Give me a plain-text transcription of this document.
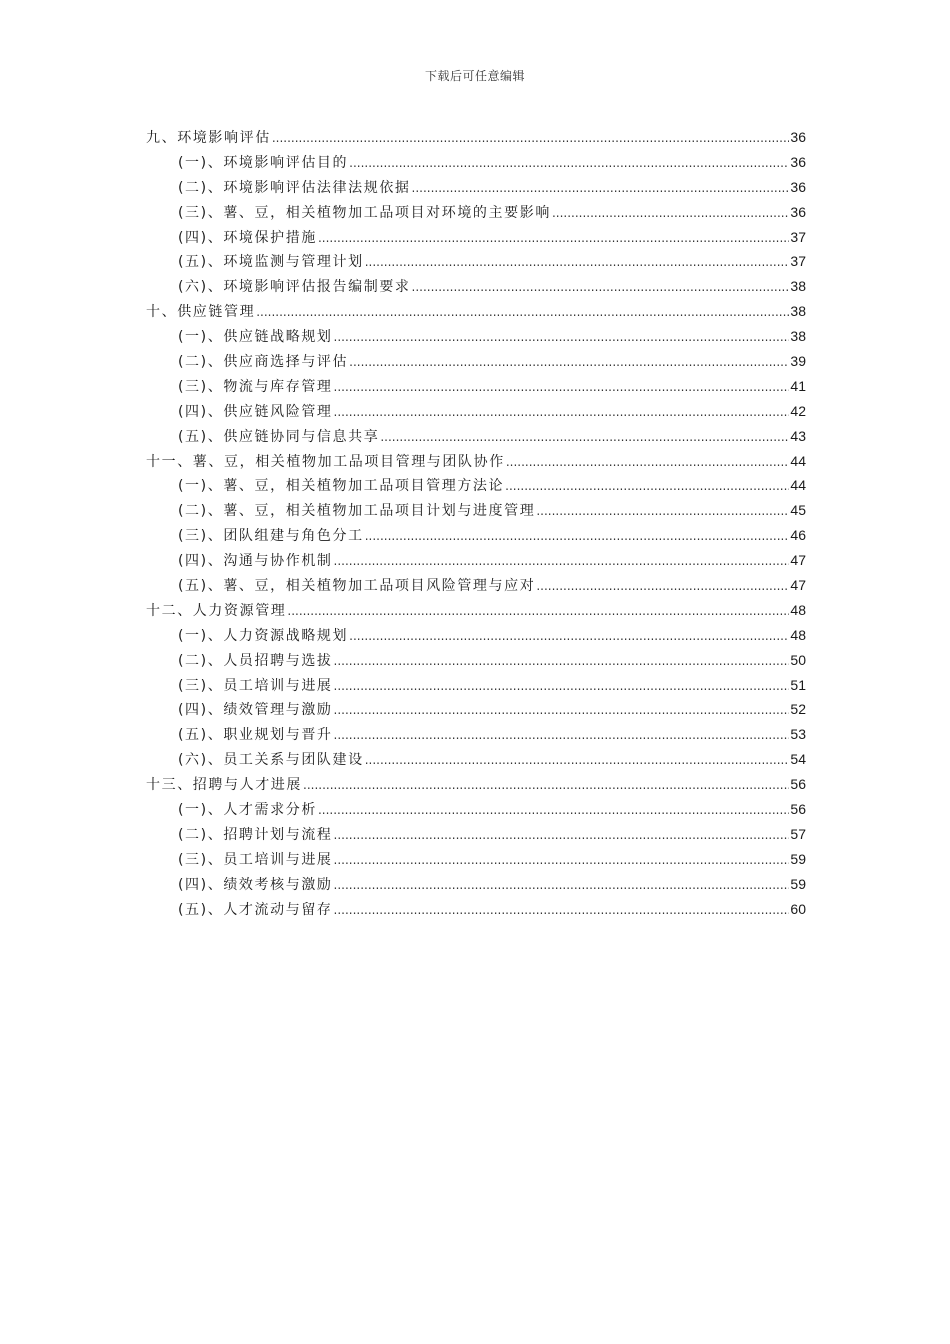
下载后可任意编辑
九、环境影响评估 .....	36
(一)、环境影响评估目的 .....	36
(二)、环境影响评估法律法规依据 .....	36
(三)、薯、豆，相关植物加工品项目对环境的主要影响 .....	36
(四)、环境保护措施 .....	37
(五)、环境监测与管理计划 .....	37
(六)、环境影响评估报告编制要求 .....	38
十、供应链管理 .....	38
(一)、供应链战略规划 .....	38
(二)、供应商选择与评估 .....	39
(三)、物流与库存管理 .....	41
(四)、供应链风险管理 .....	42
(五)、供应链协同与信息共享 .....	43
十一、薯、豆，相关植物加工品项目管理与团队协作 .....	44
(一)、薯、豆，相关植物加工品项目管理方法论 .....	44
(二)、薯、豆，相关植物加工品项目计划与进度管理 .....	45
(三)、团队组建与角色分工 .....	46
(四)、沟通与协作机制 .....	47
(五)、薯、豆，相关植物加工品项目风险管理与应对 .....	47
十二、人力资源管理 .....	48
(一)、人力资源战略规划 .....	48
(二)、人员招聘与选拔 .....	50
(三)、员工培训与进展 .....	51
(四)、绩效管理与激励 .....	52
(五)、职业规划与晋升 .....	53
(六)、员工关系与团队建设 .....	54
十三、招聘与人才进展 .....	56
(一)、人才需求分析 .....	56
(二)、招聘计划与流程 .....	57
(三)、员工培训与进展 .....	59
(四)、绩效考核与激励 .....	59
(五)、人才流动与留存 .....	60
